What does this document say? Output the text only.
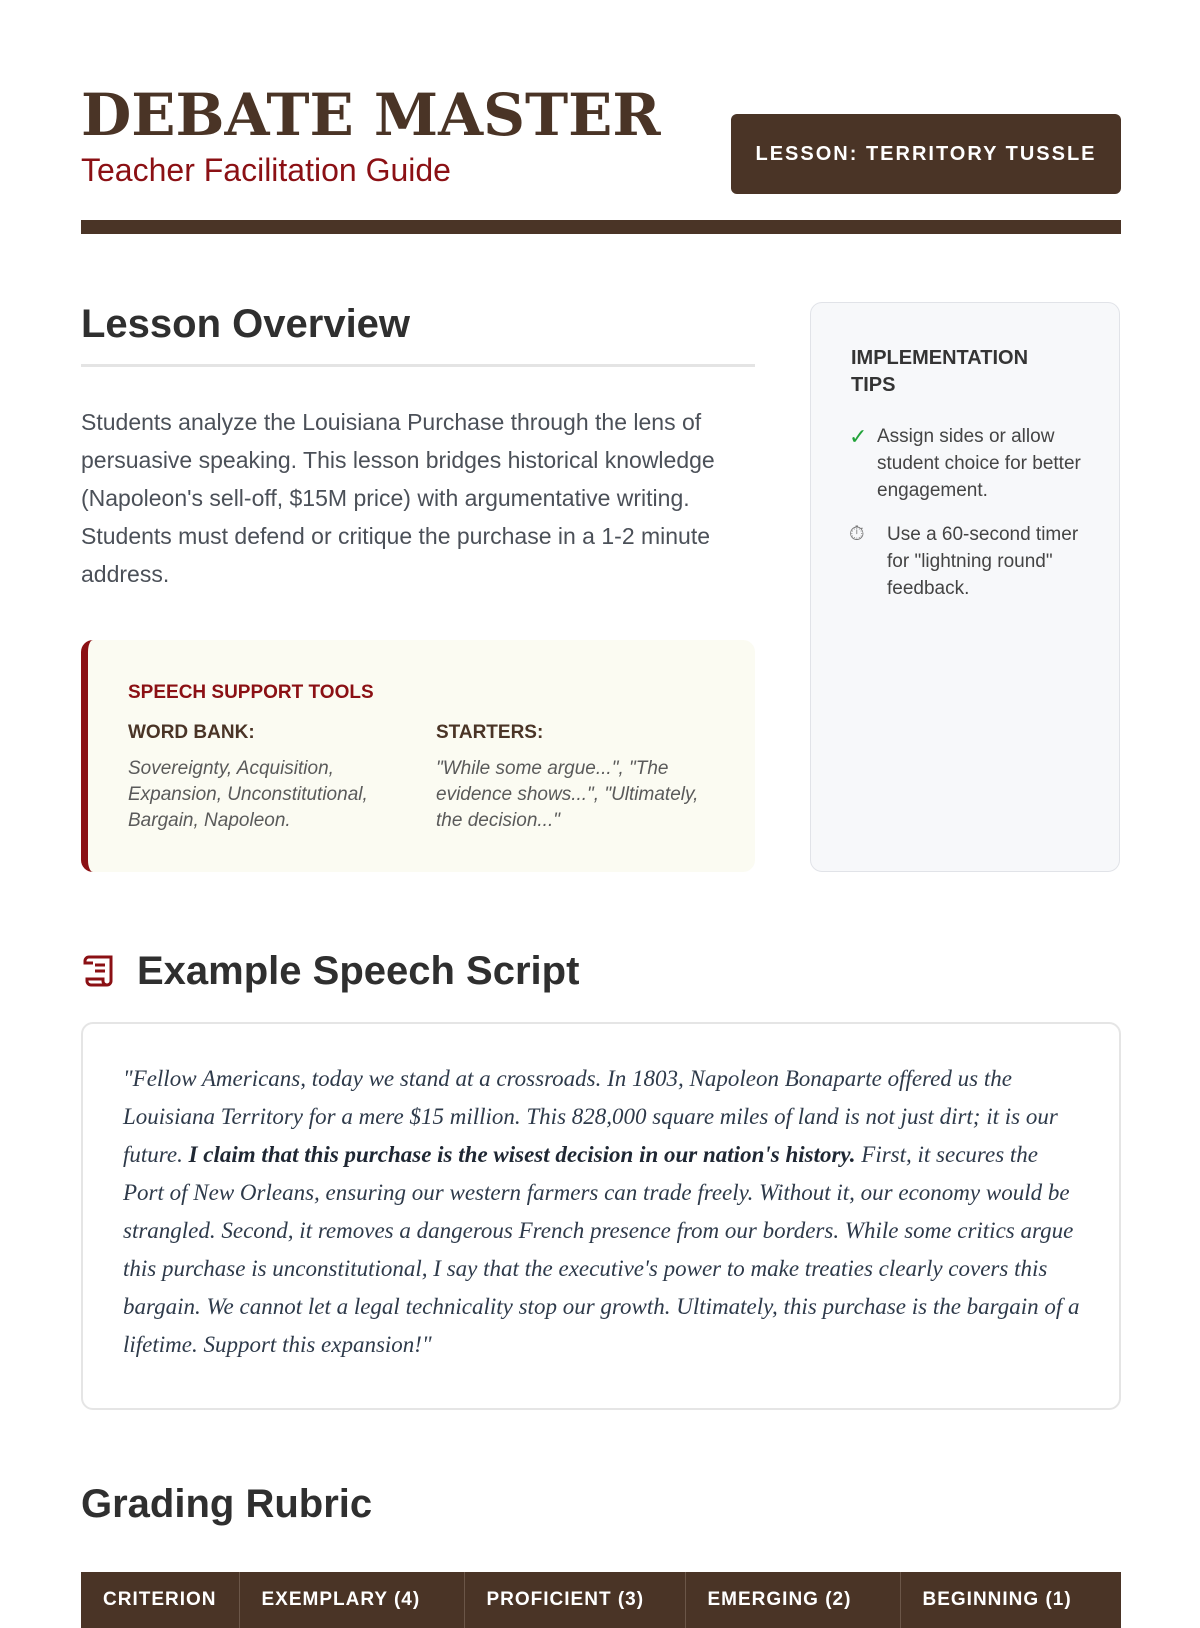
DEBATE MASTER
Teacher Facilitation Guide	LESSON: TERRITORY TUSSLE
Lesson Overview

Students analyze the Louisiana Purchase through the lens of persuasive speaking. This lesson bridges historical knowledge (Napoleon's sell-off, $15M price) with argumentative writing. Students must defend or critique the purchase in a 1-2 minute address.

SPEECH SUPPORT TOOLS
WORD BANK:
Sovereignty, Acquisition, Expansion, Unconstitutional, Bargain, Napoleon.
STARTERS:
"While some argue...", "The evidence shows...", "Ultimately, the decision..."
IMPLEMENTATION TIPS
✓ Assign sides or allow student choice for better engagement.
⏱	Use a 60-second timer for "lightning round" feedback.
Example Speech Script
"Fellow Americans, today we stand at a crossroads. In 1803, Napoleon Bonaparte offered us the Louisiana Territory for a mere $15 million. This 828,000 square miles of land is not just dirt; it is our future. I claim that this purchase is the wisest decision in our nation's history. First, it secures the Port of New Orleans, ensuring our western farmers can trade freely. Without it, our economy would be strangled. Second, it removes a dangerous French presence from our borders. While some critics argue this purchase is unconstitutional, I say that the executive's power to make treaties clearly covers this bargain. We cannot let a legal technicality stop our growth. Ultimately, this purchase is the bargain of a lifetime. Support this expansion!"
Grading Rubric
CRITERION	EXEMPLARY (4)	PROFICIENT (3)	EMERGING (2)	BEGINNING (1)
